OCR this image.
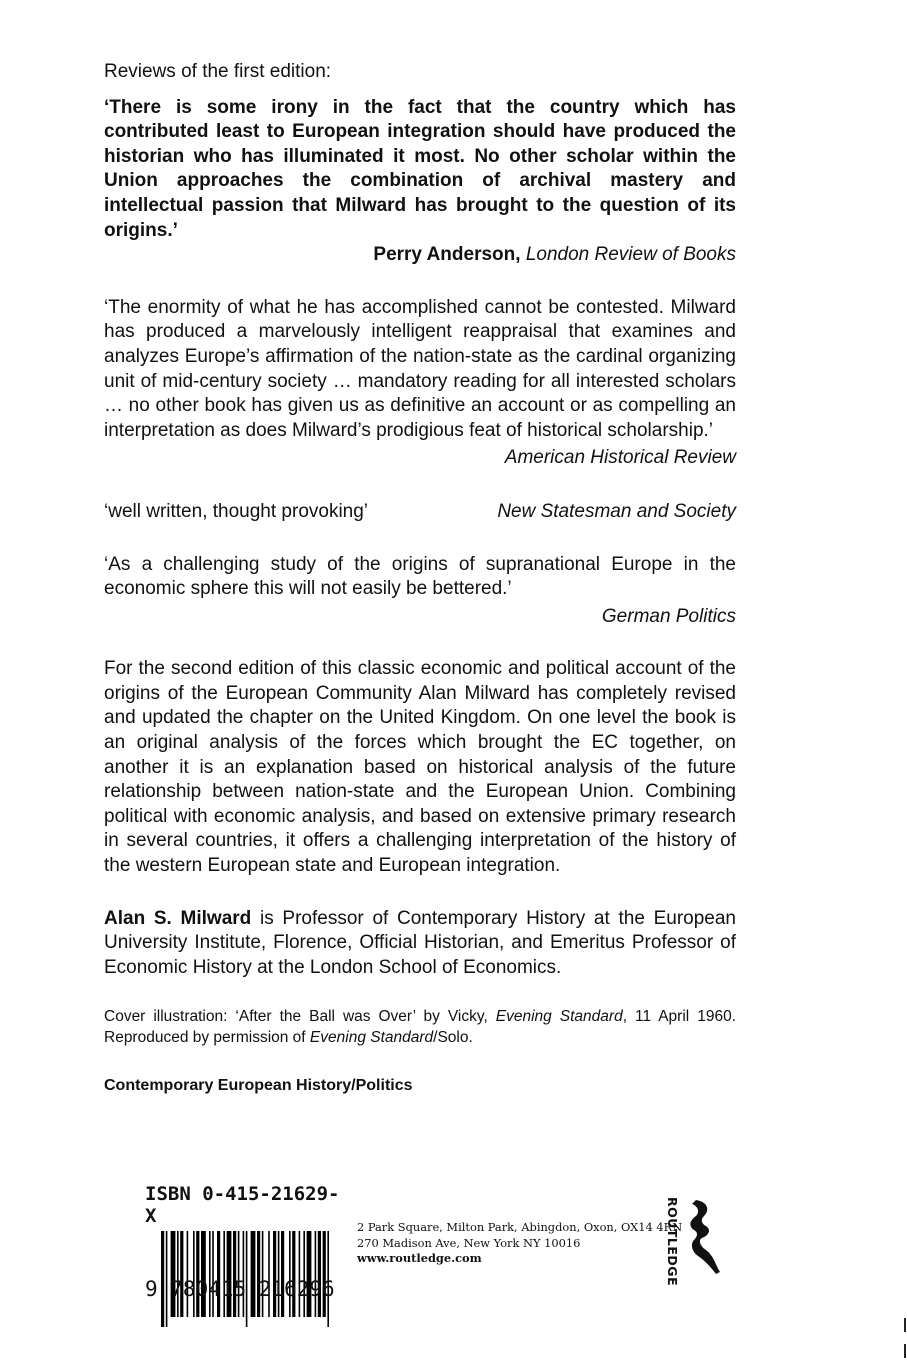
Reviews of the first edition:

‘There is some irony in the fact that the country which has contributed least to European integration should have produced the historian who has illuminated it most. No other scholar within the Union approaches the combination of archival mastery and intellectual passion that Milward has brought to the question of its origins.’

Perry Anderson, London Review of Books

‘The enormity of what he has accomplished cannot be contested. Milward has produced a marvelously intelligent reappraisal that examines and analyzes Europe’s affirmation of the nation-state as the cardinal organizing unit of mid-century society … mandatory reading for all interested scholars … no other book has given us as definitive an account or as compelling an interpretation as does Milward’s prodigious feat of historical scholarship.’

American Historical Review

‘well written, thought provoking’	New Statesman and Society

‘As a challenging study of the origins of supranational Europe in the economic sphere this will not easily be bettered.’

German Politics

For the second edition of this classic economic and political account of the origins of the European Community Alan Milward has completely revised and updated the chapter on the United Kingdom. On one level the book is an original analysis of the forces which brought the EC together, on another it is an explanation based on historical analysis of the future relationship between nation-state and the European Union. Combining political with economic analysis, and based on extensive primary research in several countries, it offers a challenging interpretation of the history of the western European state and European integration.

Alan S. Milward is Professor of Contemporary History at the European University Institute, Florence, Official Historian, and Emeritus Professor of Economic History at the London School of Economics.

Cover illustration: ‘After the Ball was Over’ by Vicky, Evening Standard, 11 April 1960. Reproduced by permission of Evening Standard/Solo.

Contemporary European History/Politics

ISBN 0-415-21629-X
9 780415 216296
2 Park Square, Milton Park, Abingdon, Oxon, OX14 4RN
270 Madison Ave, New York NY 10016
www.routledge.com	ROUTLEDGE
